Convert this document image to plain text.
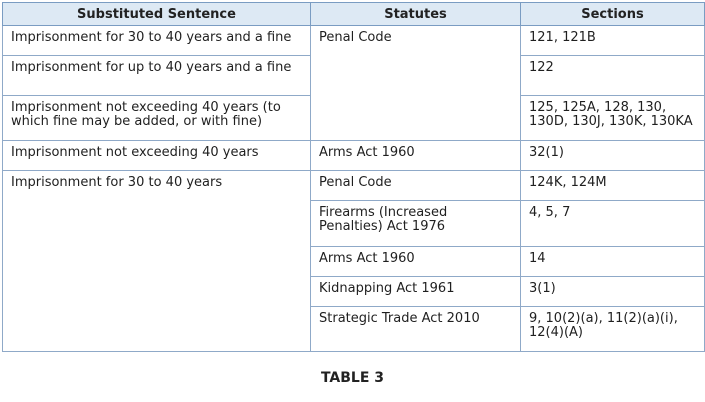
Substituted Sentence	Statutes	Sections
Imprisonment for 30 to 40 years and a fine	Penal Code	121, 121B
Imprisonment for up to 40 years and a fine		122
Imprisonment not exceeding 40 years (to which fine may be added, or with fine)		125, 125A, 128, 130, 130D, 130J, 130K, 130KA
Imprisonment not exceeding 40 years	Arms Act 1960	32(1)
Imprisonment for 30 to 40 years	Penal Code	124K, 124M
	Firearms (Increased Penalties) Act 1976	4, 5, 7
	Arms Act 1960	14
	Kidnapping Act 1961	3(1)
	Strategic Trade Act 2010	9, 10(2)(a), 11(2)(a)(i), 12(4)(A)
TABLE 3
